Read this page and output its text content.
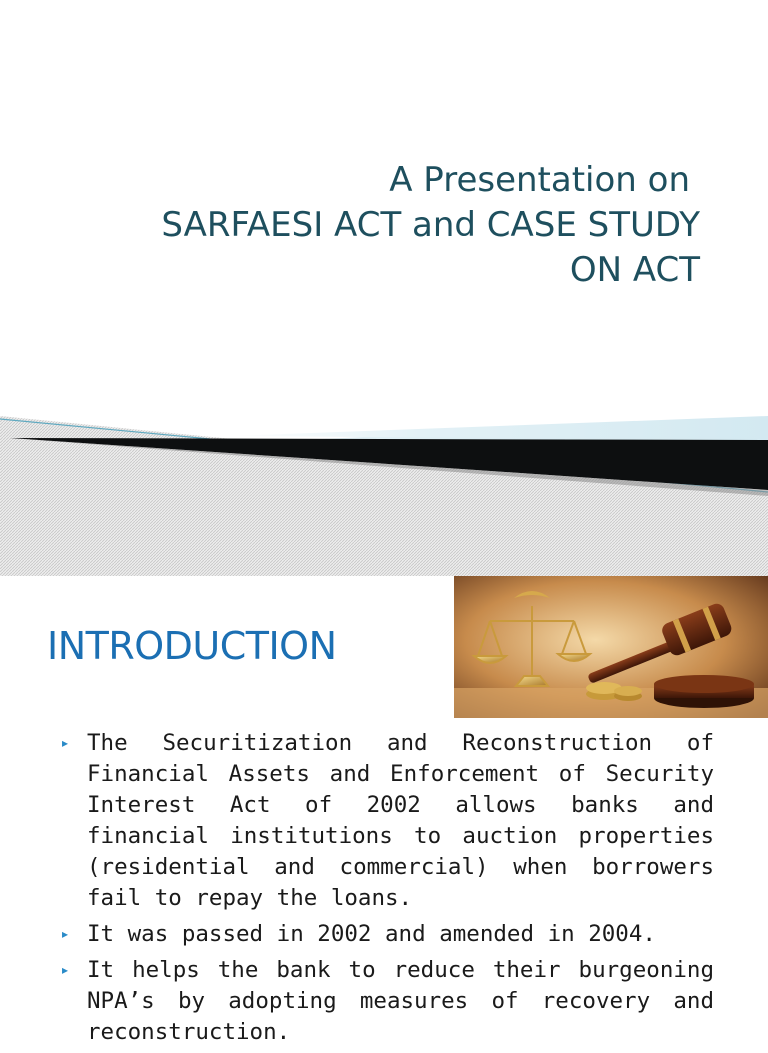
A Presentation on
SARFAESI ACT and CASE STUDY
ON ACT
INTRODUCTION
▸ The Securitization and Reconstruction of Financial Assets and Enforcement of Security Interest Act of 2002 allows banks and financial institutions to auction properties (residential and commercial) when borrowers fail to repay the loans.
▸ It was passed in 2002 and amended in 2004.
▸ It helps the bank to reduce their burgeoning NPA’s by adopting measures of recovery and reconstruction.
